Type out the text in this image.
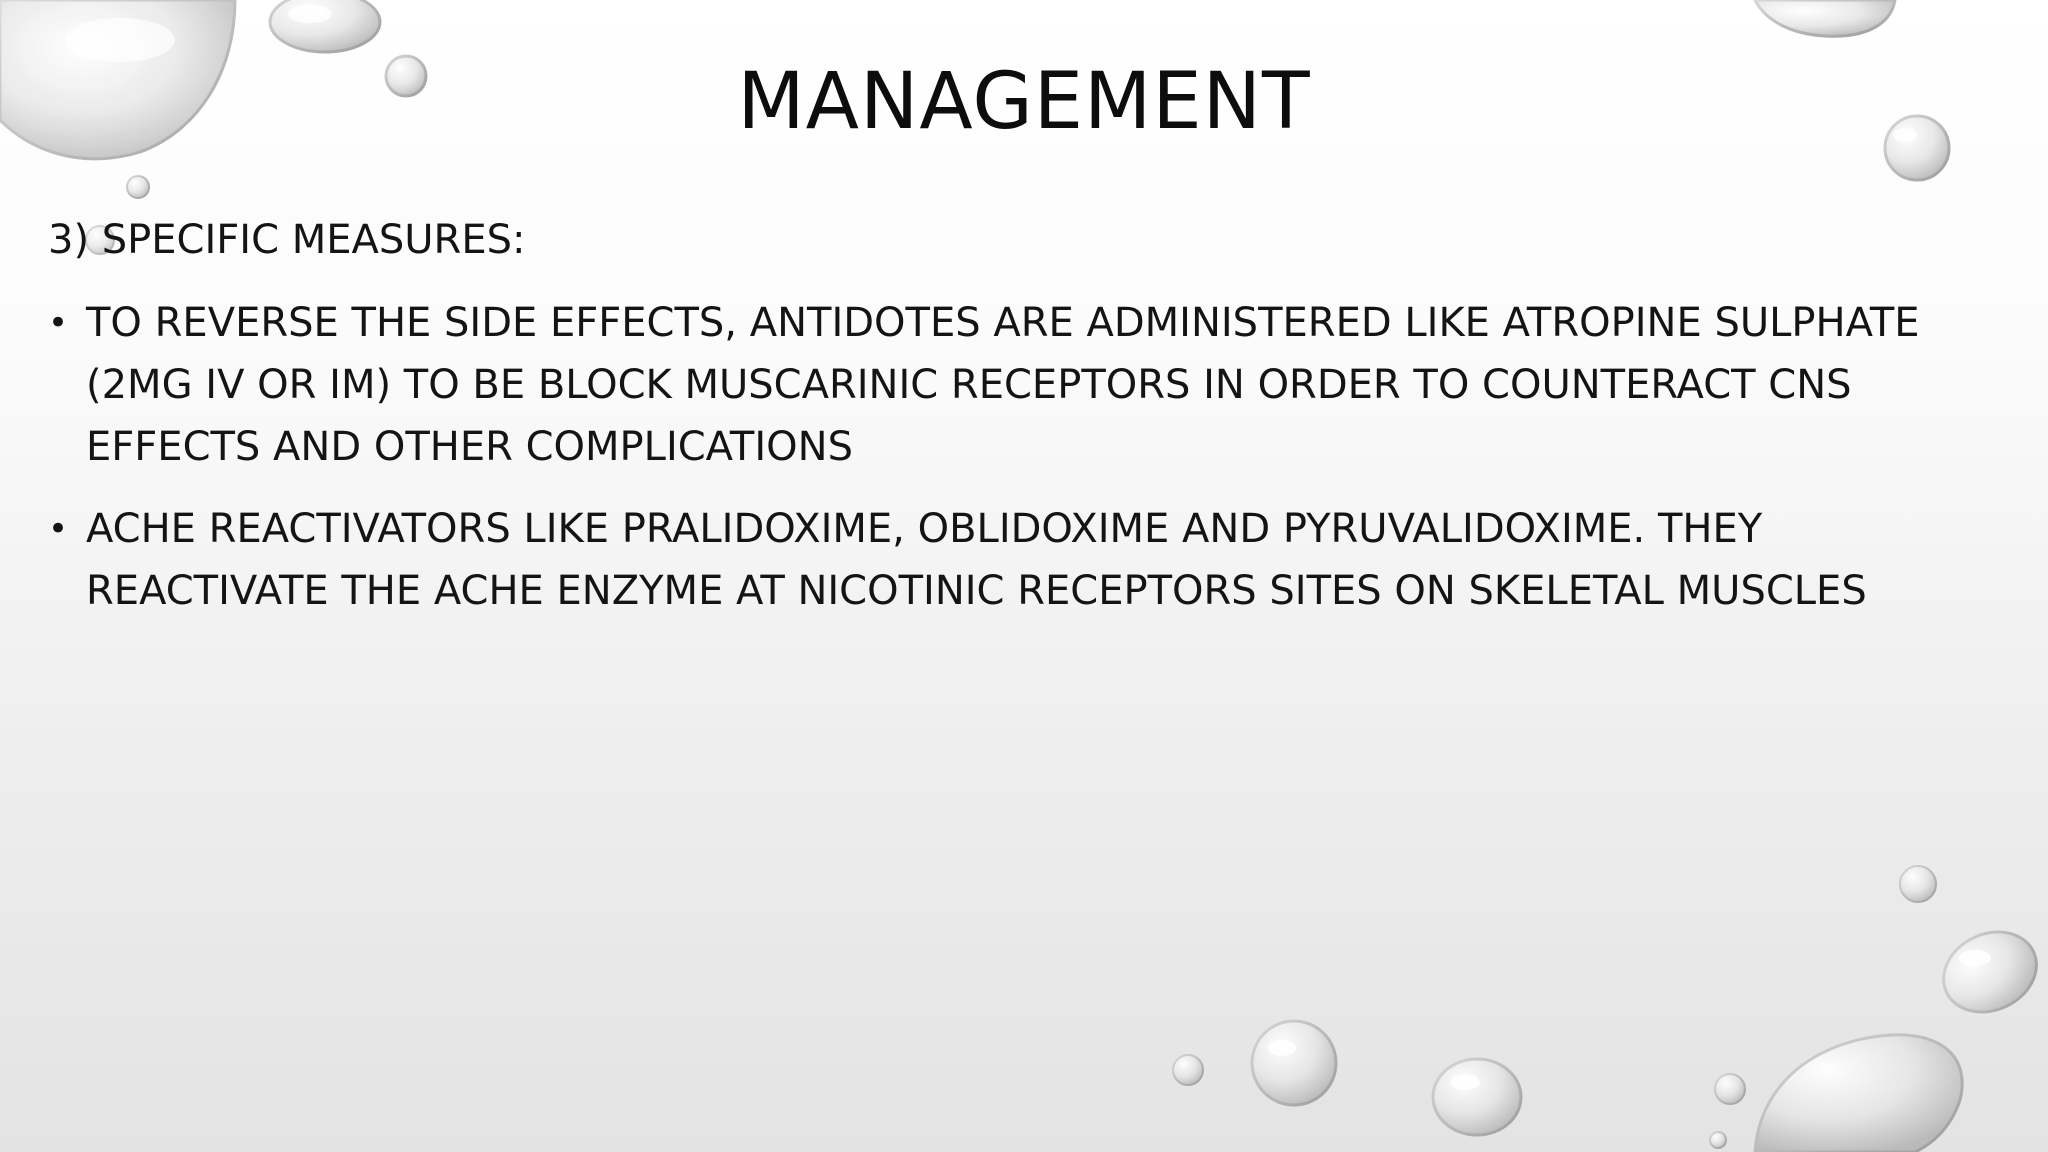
MANAGEMENT
3) SPECIFIC MEASURES:
• TO REVERSE THE SIDE EFFECTS, ANTIDOTES ARE ADMINISTERED LIKE ATROPINE SULPHATE (2MG IV OR IM) TO BE BLOCK MUSCARINIC RECEPTORS IN ORDER TO COUNTERACT CNS EFFECTS AND OTHER COMPLICATIONS
• ACHE REACTIVATORS LIKE PRALIDOXIME, OBLIDOXIME AND PYRUVALIDOXIME. THEY REACTIVATE THE ACHE ENZYME AT NICOTINIC RECEPTORS SITES ON SKELETAL MUSCLES
